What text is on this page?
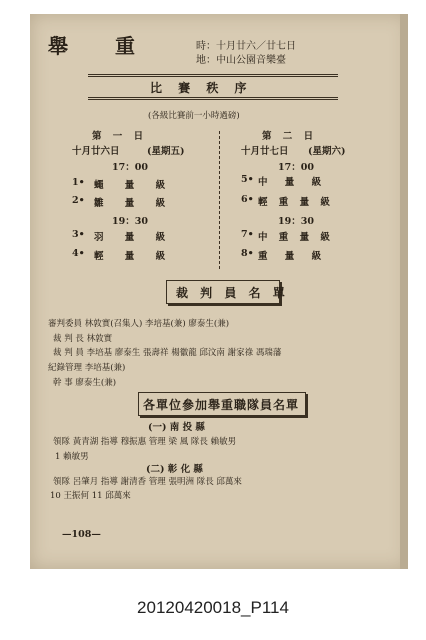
舉 重	時：十月廿六／廿七日
地：中山公園音樂臺
比 賽 秩 序
(各級比賽前一小時過磅)
第 一 日
十月廿六日	(星期五)
17：00
1• 蠅 量 級
2• 雛 量 級
19：30
3• 羽 量 級
4• 輕 量 級
第 二 日
十月廿七日 (星期六)
17：00
5• 中 量 級
6• 輕 重 量 級
19：30
7• 中 重 量 級
8• 重 量 級
裁 判 員 名 單
審判委員 林敦實(召集人) 李培基(兼) 廖泰生(兼)
裁 判 長 林敦實
裁 判 員 李培基 廖泰生 張壽祥 楊徽龍 邱汶南 謝家祿 馮瑞藩
紀錄管理 李培基(兼)
幹 事 廖泰生(兼)
各單位參加舉重職隊員名單
(一) 南 投 縣
領隊 黃青湖 指導 穆振惠 管理 梁 風 隊長 賴敏男
1 賴敏男
(二) 彰 化 縣
領隊 呂肇月 指導 謝清香 管理 張明洲 隊長 邱萬來
10 王振何 11 邱萬來
—108—
20120420018_P114
